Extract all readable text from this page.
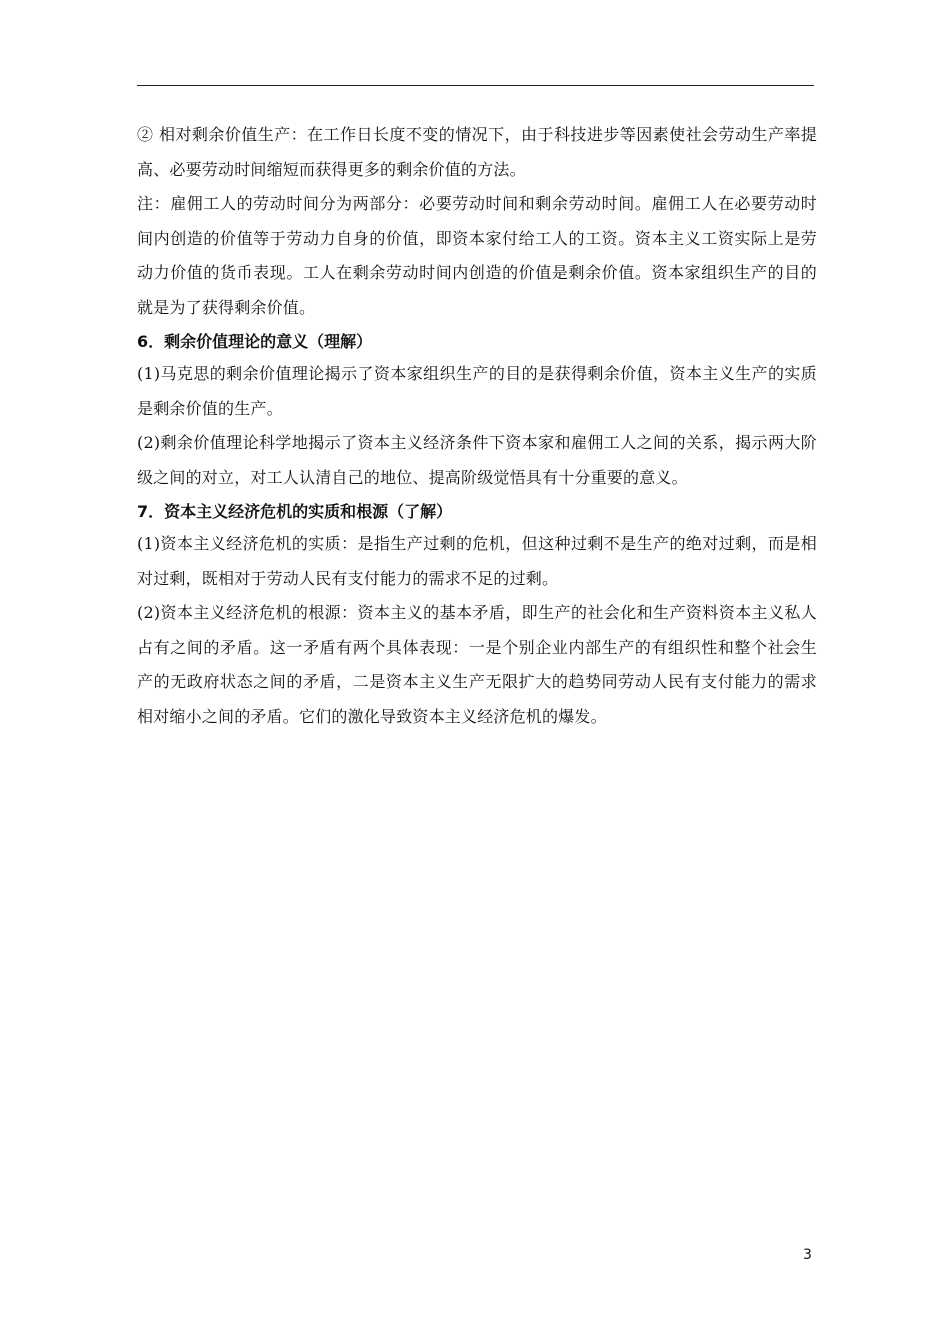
② 相对剩余价值生产：在工作日长度不变的情况下，由于科技进步等因素使社会劳动生产率提高、必要劳动时间缩短而获得更多的剩余价值的方法。

注：雇佣工人的劳动时间分为两部分：必要劳动时间和剩余劳动时间。雇佣工人在必要劳动时间内创造的价值等于劳动力自身的价值，即资本家付给工人的工资。资本主义工资实际上是劳动力价值的货币表现。工人在剩余劳动时间内创造的价值是剩余价值。资本家组织生产的目的就是为了获得剩余价值。

6．剩余价值理论的意义（理解）

(1)马克思的剩余价值理论揭示了资本家组织生产的目的是获得剩余价值，资本主义生产的实质是剩余价值的生产。

(2)剩余价值理论科学地揭示了资本主义经济条件下资本家和雇佣工人之间的关系，揭示两大阶级之间的对立，对工人认清自己的地位、提高阶级觉悟具有十分重要的意义。

7．资本主义经济危机的实质和根源（了解）

(1)资本主义经济危机的实质：是指生产过剩的危机，但这种过剩不是生产的绝对过剩，而是相对过剩，既相对于劳动人民有支付能力的需求不足的过剩。

(2)资本主义经济危机的根源：资本主义的基本矛盾，即生产的社会化和生产资料资本主义私人占有之间的矛盾。这一矛盾有两个具体表现：一是个别企业内部生产的有组织性和整个社会生产的无政府状态之间的矛盾，二是资本主义生产无限扩大的趋势同劳动人民有支付能力的需求相对缩小之间的矛盾。它们的激化导致资本主义经济危机的爆发。

3
